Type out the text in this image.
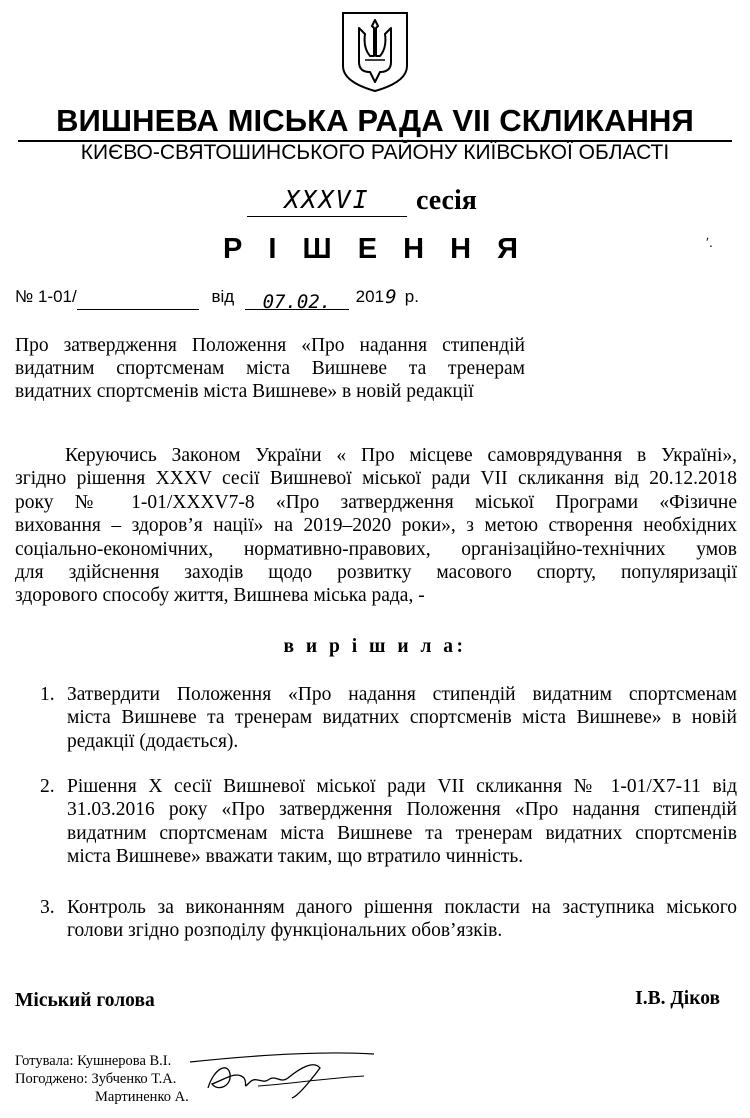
ВИШНЕВА МІСЬКА РАДА VII СКЛИКАННЯ
КИЄВО-СВЯТОШИНСЬКОГО РАЙОНУ КИЇВСЬКОЇ ОБЛАСТІ
XXXVI	сесія
Р І Ш Е Н Н Я	ʹ.
№ 1-01/	від 07.02. 2019 р.
Про затвердження Положення «Про надання стипендій
видатним спортсменам міста Вишневе та тренерам
видатних спортсменів міста Вишневе» в новій редакції
Керуючись Законом України « Про місцеве самоврядування в Україні»,
згідно рішення XXXV сесії Вишневої міської ради VII скликання від 20.12.2018
року № 1-01/XXXV7-8 «Про затвердження міської Програми «Фізичне
виховання – здоров’я нації» на 2019–2020 роки», з метою створення необхідних
соціально-економічних, нормативно-правових, організаційно-технічних умов
для здійснення заходів щодо розвитку масового спорту, популяризації
здорового способу життя, Вишнева міська рада, -
в и р і ш и л а:
1. Затвердити Положення «Про надання стипендій видатним спортсменам
міста Вишневе та тренерам видатних спортсменів міста Вишневе» в новій
редакції (додається).
2. Рішення X сесії Вишневої міської ради VII скликання № 1-01/X7-11 від
31.03.2016 року «Про затвердження Положення «Про надання стипендій
видатним спортсменам міста Вишневе та тренерам видатних спортсменів
міста Вишневе» вважати таким, що втратило чинність.
3. Контроль за виконанням даного рішення покласти на заступника міського
голови згідно розподілу функціональних обов’язків.
Міський голова	І.В. Діков
Готувала: Кушнерова В.І.
Погоджено: Зубченко Т.А.
Мартиненко А.
